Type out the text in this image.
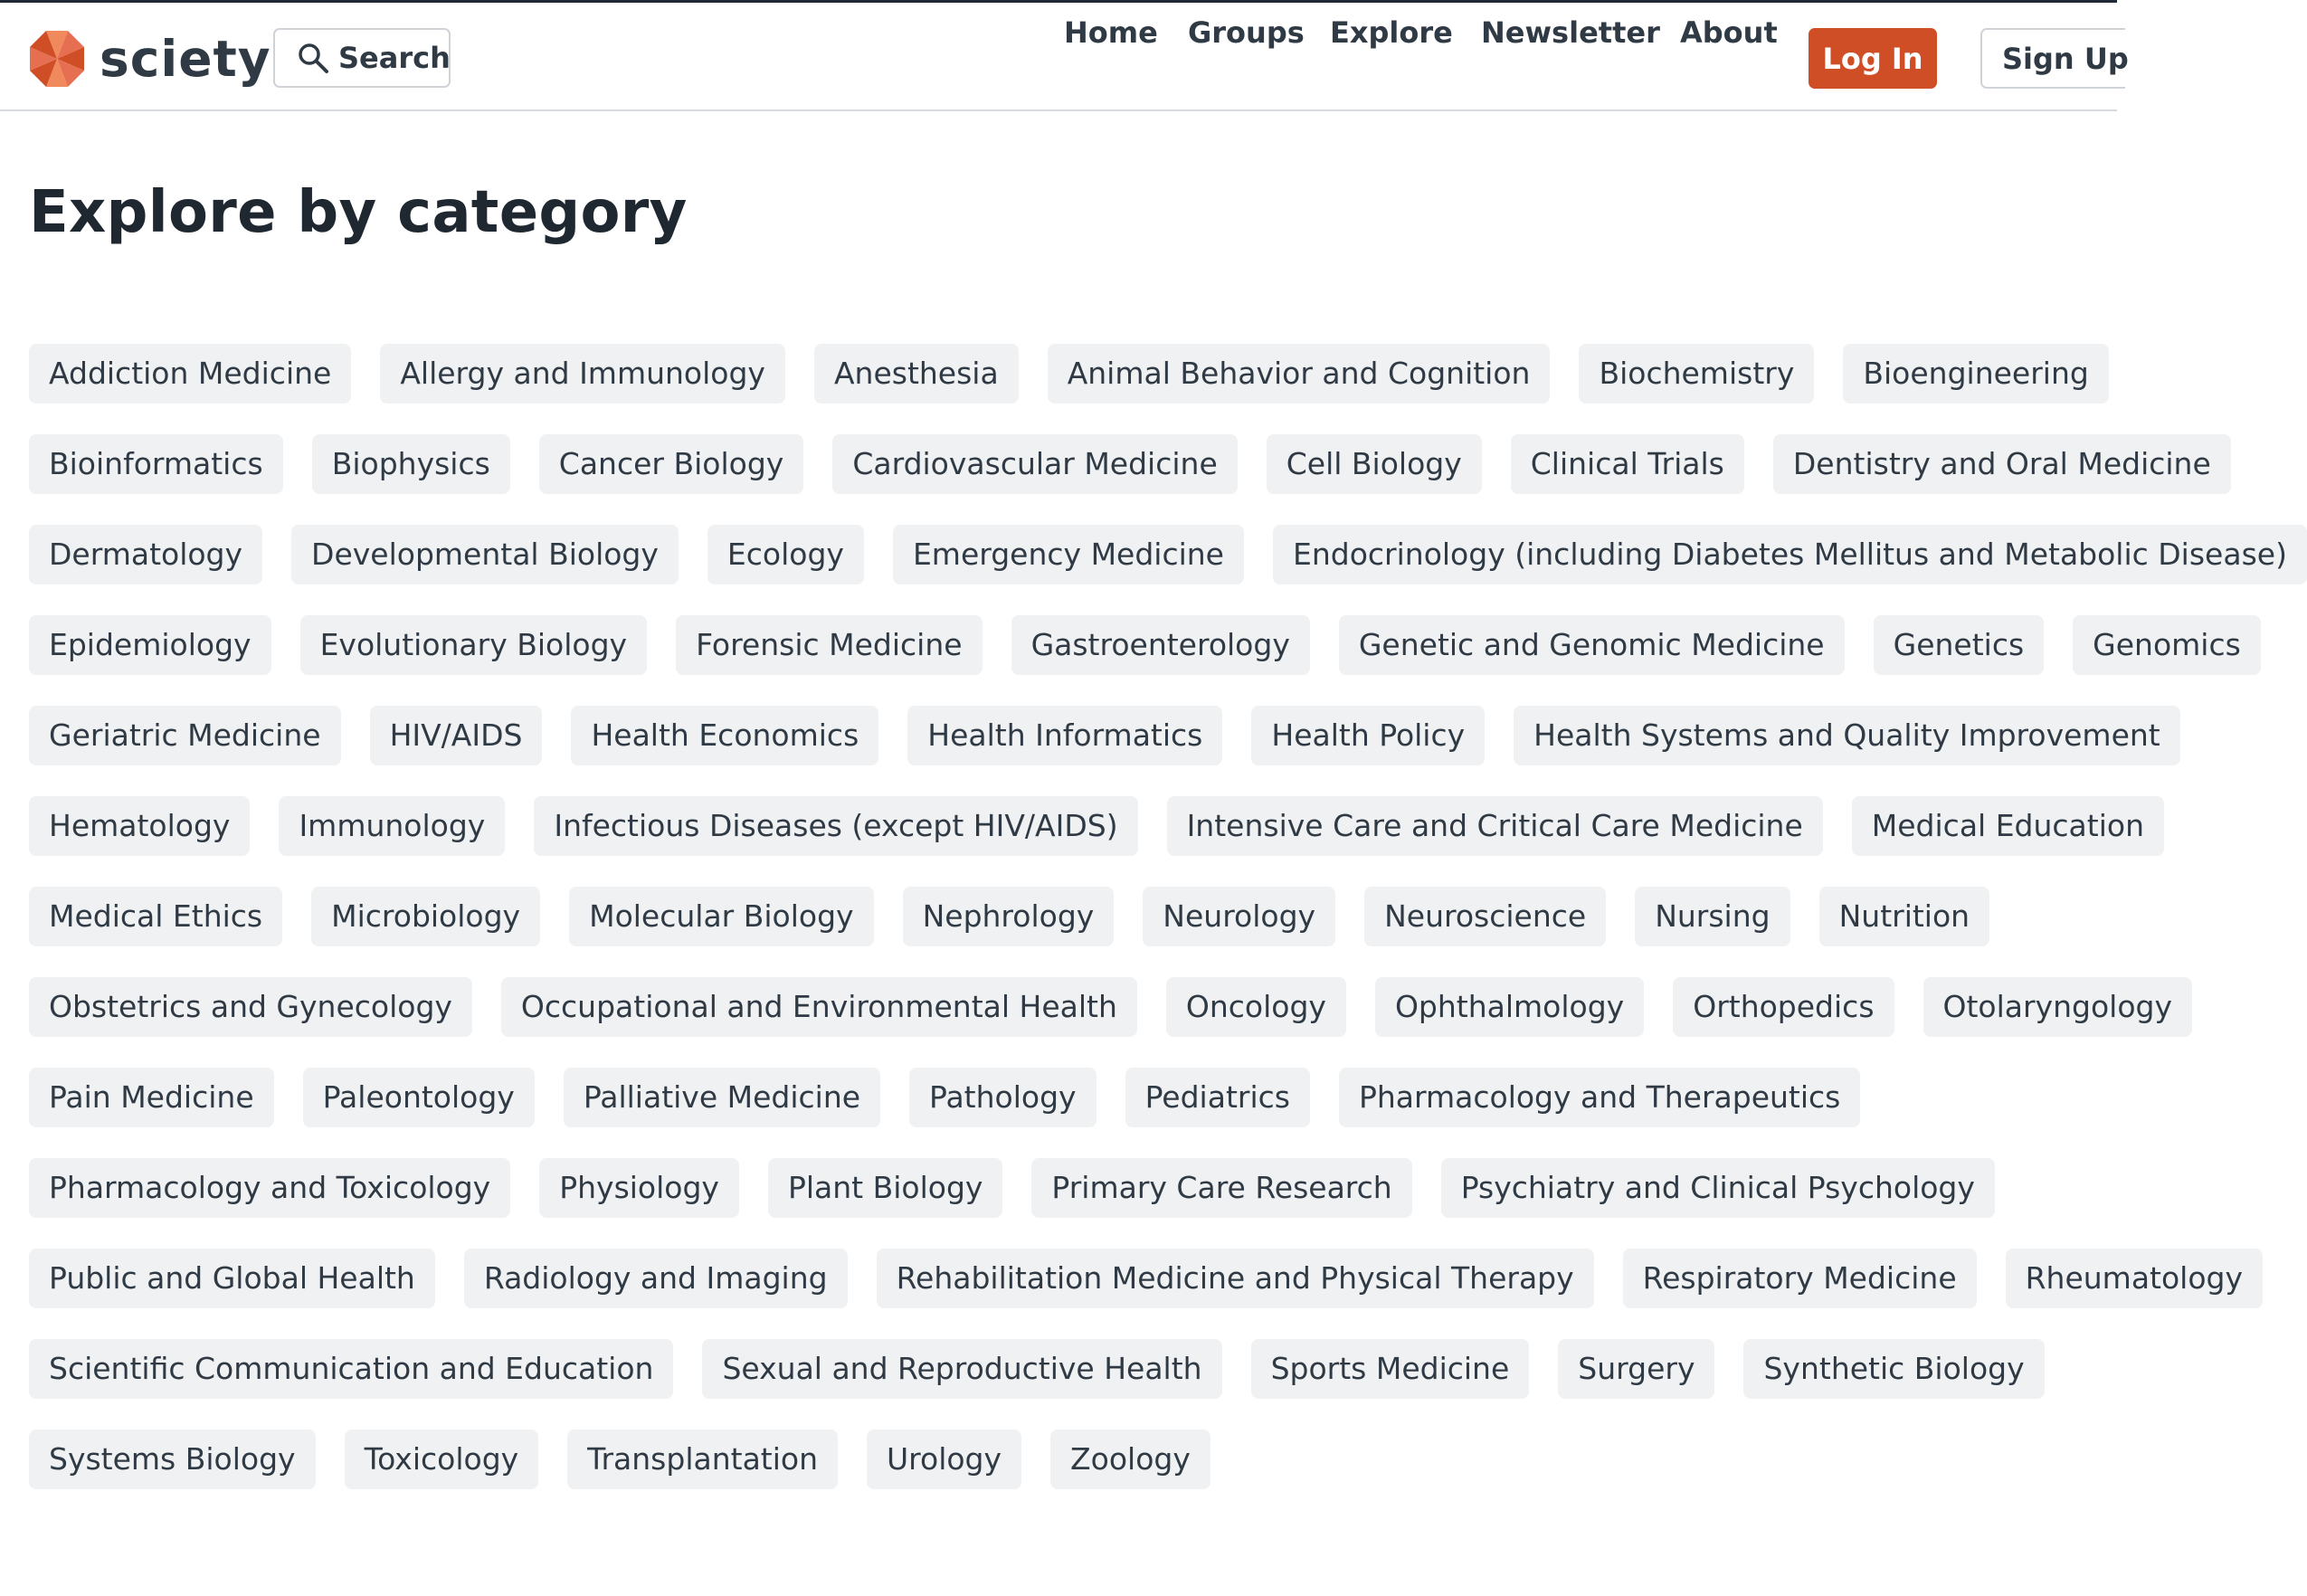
sciety Search
Home Groups Explore Newsletter About
Log In	Sign Up
Explore by category
Addiction Medicine	Allergy and Immunology	Anesthesia	Animal Behavior and Cognition	Biochemistry	Bioengineering
Bioinformatics	Biophysics	Cancer Biology	Cardiovascular Medicine	Cell Biology	Clinical Trials	Dentistry and Oral Medicine
Dermatology	Developmental Biology	Ecology	Emergency Medicine	Endocrinology (including Diabetes Mellitus and Metabolic Disease)
Epidemiology	Evolutionary Biology	Forensic Medicine	Gastroenterology	Genetic and Genomic Medicine	Genetics	Genomics
Geriatric Medicine	HIV/AIDS	Health Economics	Health Informatics	Health Policy	Health Systems and Quality Improvement
Hematology	Immunology	Infectious Diseases (except HIV/AIDS)	Intensive Care and Critical Care Medicine	Medical Education
Medical Ethics	Microbiology	Molecular Biology	Nephrology	Neurology	Neuroscience	Nursing	Nutrition
Obstetrics and Gynecology	Occupational and Environmental Health	Oncology	Ophthalmology	Orthopedics	Otolaryngology
Pain Medicine	Paleontology	Palliative Medicine	Pathology	Pediatrics	Pharmacology and Therapeutics
Pharmacology and Toxicology	Physiology	Plant Biology	Primary Care Research	Psychiatry and Clinical Psychology
Public and Global Health	Radiology and Imaging	Rehabilitation Medicine and Physical Therapy	Respiratory Medicine	Rheumatology
Scientific Communication and Education	Sexual and Reproductive Health	Sports Medicine	Surgery	Synthetic Biology
Systems Biology	Toxicology	Transplantation	Urology	Zoology
